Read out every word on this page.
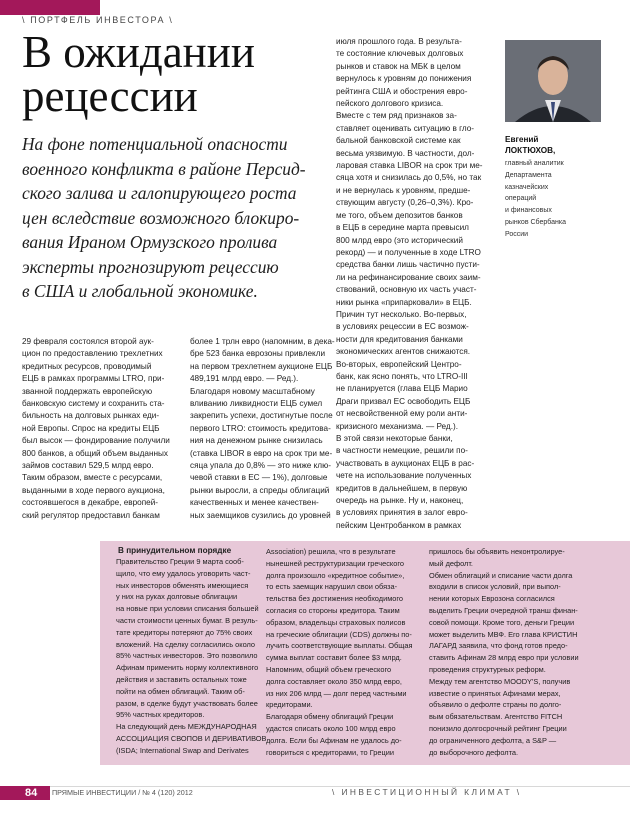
\ ПОРТФЕЛЬ ИНВЕСТОРА \
В ожидании
рецессии
На фоне потенциальной опасности
военного конфликта в районе Персид-
ского залива и галопирующего роста
цен вследствие возможного блокиро-
вания Ираном Ормузского пролива
эксперты прогнозируют рецессию
в США и глобальной экономике.
29 февраля состоялся второй аук-
цион по предоставлению трехлетних
кредитных ресурсов, проводимый
ЕЦБ в рамках программы LTRO, при-
званной поддержать европейскую
банковскую систему и сохранить ста-
бильность на долговых рынках еди-
ной Европы. Спрос на кредиты ЕЦБ
был высок — фондирование получили
800 банков, а общий объем выданных
займов составил 529,5 млрд евро.
Таким образом, вместе с ресурсами,
выданными в ходе первого аукциона,
состоявшегося в декабре, европей-
ский регулятор предоставил банкам
более 1 трлн евро (напомним, в дека-
бре 523 банка еврозоны привлекли
на первом трехлетнем аукционе ЕЦБ
489,191 млрд евро. — Ред.).
Благодаря новому масштабному
вливанию ликвидности ЕЦБ сумел
закрепить успехи, достигнутые после
первого LTRO: стоимость кредитова-
ния на денежном рынке снизилась
(ставка LIBOR в евро на срок три ме-
сяца упала до 0,8% — это ниже клю-
чевой ставки в ЕС — 1%), долговые
рынки выросли, а спреды облигаций
качественных и менее качествен-
ных заемщиков сузились до уровней
июля прошлого года. В результа-
те состояние ключевых долговых
рынков и ставок на МБК в целом
вернулось к уровням до понижения
рейтинга США и обострения евро-
пейского долгового кризиса.
Вместе с тем ряд признаков за-
ставляет оценивать ситуацию в гло-
бальной банковской системе как
весьма уязвимую. В частности, дол-
ларовая ставка LIBOR на срок три ме-
сяца хотя и снизилась до 0,5%, но так
и не вернулась к уровням, предше-
ствующим августу (0,26–0,3%). Кро-
ме того, объем депозитов банков
в ЕЦБ в середине марта превысил
800 млрд евро (это исторический
рекорд) — и полученные в ходе LTRO
средства банки лишь частично пусти-
ли на рефинансирование своих заим-
ствований, основную их часть участ-
ники рынка «припарковали» в ЕЦБ.
Причин тут несколько. Во-первых,
в условиях рецессии в ЕС возмож-
ности для кредитования банками
экономических агентов снижаются.
Во-вторых, европейский Центро-
банк, как ясно понять, что LTRO-III
не планируется (глава ЕЦБ Марио
Драги призвал ЕС освободить ЕЦБ
от несвойственной ему роли анти-
кризисного механизма. — Ред.).
В этой связи некоторые банки,
в частности немецкие, решили по-
участвовать в аукционах ЕЦБ в рас-
чете на использование полученных
кредитов в дальнейшем, в первую
очередь на рынке. Ну и, наконец,
в условиях принятия в залог евро-
пейским Центробанком в рамках
Евгений
ЛОКТЮХОВ,
главный аналитик
Департамента
казначейских
операций
и финансовых
рынков Сбербанка
России
В принудительном порядке
Правительство Греции 9 марта сооб-
щило, что ему удалось уговорить част-
ных инвесторов обменять имеющиеся
у них на руках долговые облигации
на новые при условии списания большей
части стоимости ценных бумаг. В резуль-
тате кредиторы потеряют до 75% своих
вложений. На сделку согласились около
85% частных инвесторов. Это позволило
Афинам применить норму коллективного
действия и заставить остальных тоже
пойти на обмен облигаций. Таким об-
разом, в сделке будут участвовать более
95% частных кредиторов.
На следующий день МЕЖДУНАРОДНАЯ
АССОЦИАЦИЯ СВОПОВ И ДЕРИВАТИВОВ
(ISDA; International Swap and Derivates
Association) решила, что в результате
нынешней реструктуризации греческого
долга произошло «кредитное событие»,
то есть заемщик нарушил свои обяза-
тельства без достижения необходимого
согласия со стороны кредитора. Таким
образом, владельцы страховых полисов
на греческие облигации (CDS) должны по-
лучить соответствующие выплаты. Общая
сумма выплат составит более $3 млрд.
Напомним, общий объем греческого
долга составляет около 350 млрд евро,
из них 206 млрд — долг перед частными
кредиторами.
Благодаря обмену облигаций Греции
удастся списать около 100 млрд евро
долга. Если бы Афинам не удалось до-
говориться с кредиторами, то Греции
пришлось бы объявить неконтролируе-
мый дефолт.
Обмен облигаций и списание части долга
входили в список условий, при выпол-
нении которых Еврозона согласился
выделить Греции очередной транш финан-
совой помощи. Кроме того, деньги Греции
может выделить МВФ. Его глава КРИСТИН
ЛАГАРД заявила, что фонд готов предо-
ставить Афинам 28 млрд евро при условии
проведения структурных реформ.
Между тем агентство MOODY'S, получив
известие о принятых Афинами мерах,
объявило о дефолте страны по долго-
вым обязательствам. Агентство FITCH
понизило долгосрочный рейтинг Греции
до ограниченного дефолта, а S&P —
до выборочного дефолта.
84 ПРЯМЫЕ ИНВЕСТИЦИИ / № 4 (120) 2012	\ ИНВЕСТИЦИОННЫЙ КЛИМАТ \
